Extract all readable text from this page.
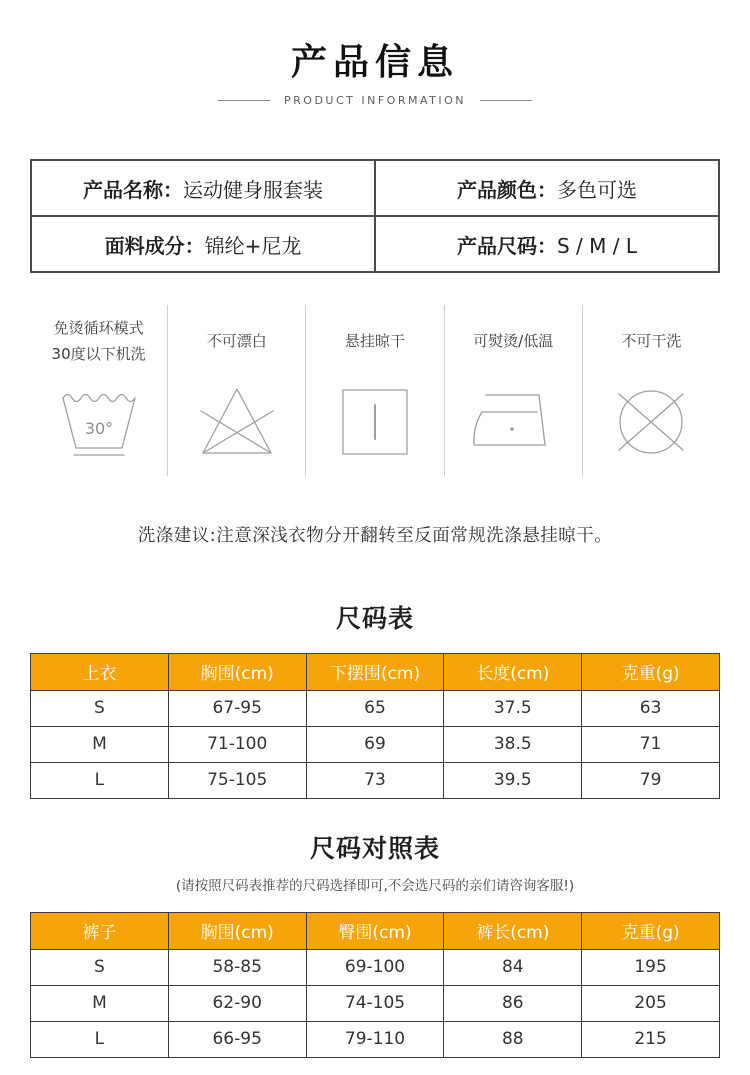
产品信息
PRODUCT INFORMATION
产品名称：运动健身服套装	产品颜色：多色可选
面料成分：锦纶+尼龙	产品尺码：S / M / L
免烫循环模式
30度以下机洗
30°
不可漂白	悬挂晾干	可熨烫/低温	不可干洗
洗涤建议:注意深浅衣物分开翻转至反面常规洗涤悬挂晾干。
尺码表
上衣	胸围(cm)	下摆围(cm)	长度(cm)	克重(g)
S	67-95	65	37.5	63
M	71-100	69	38.5	71
L	75-105	73	39.5	79
尺码对照表
(请按照尺码表推荐的尺码选择即可,不会选尺码的亲们请咨询客服!)
裤子	胸围(cm)	臀围(cm)	裤长(cm)	克重(g)
S	58-85	69-100	84	195
M	62-90	74-105	86	205
L	66-95	79-110	88	215
